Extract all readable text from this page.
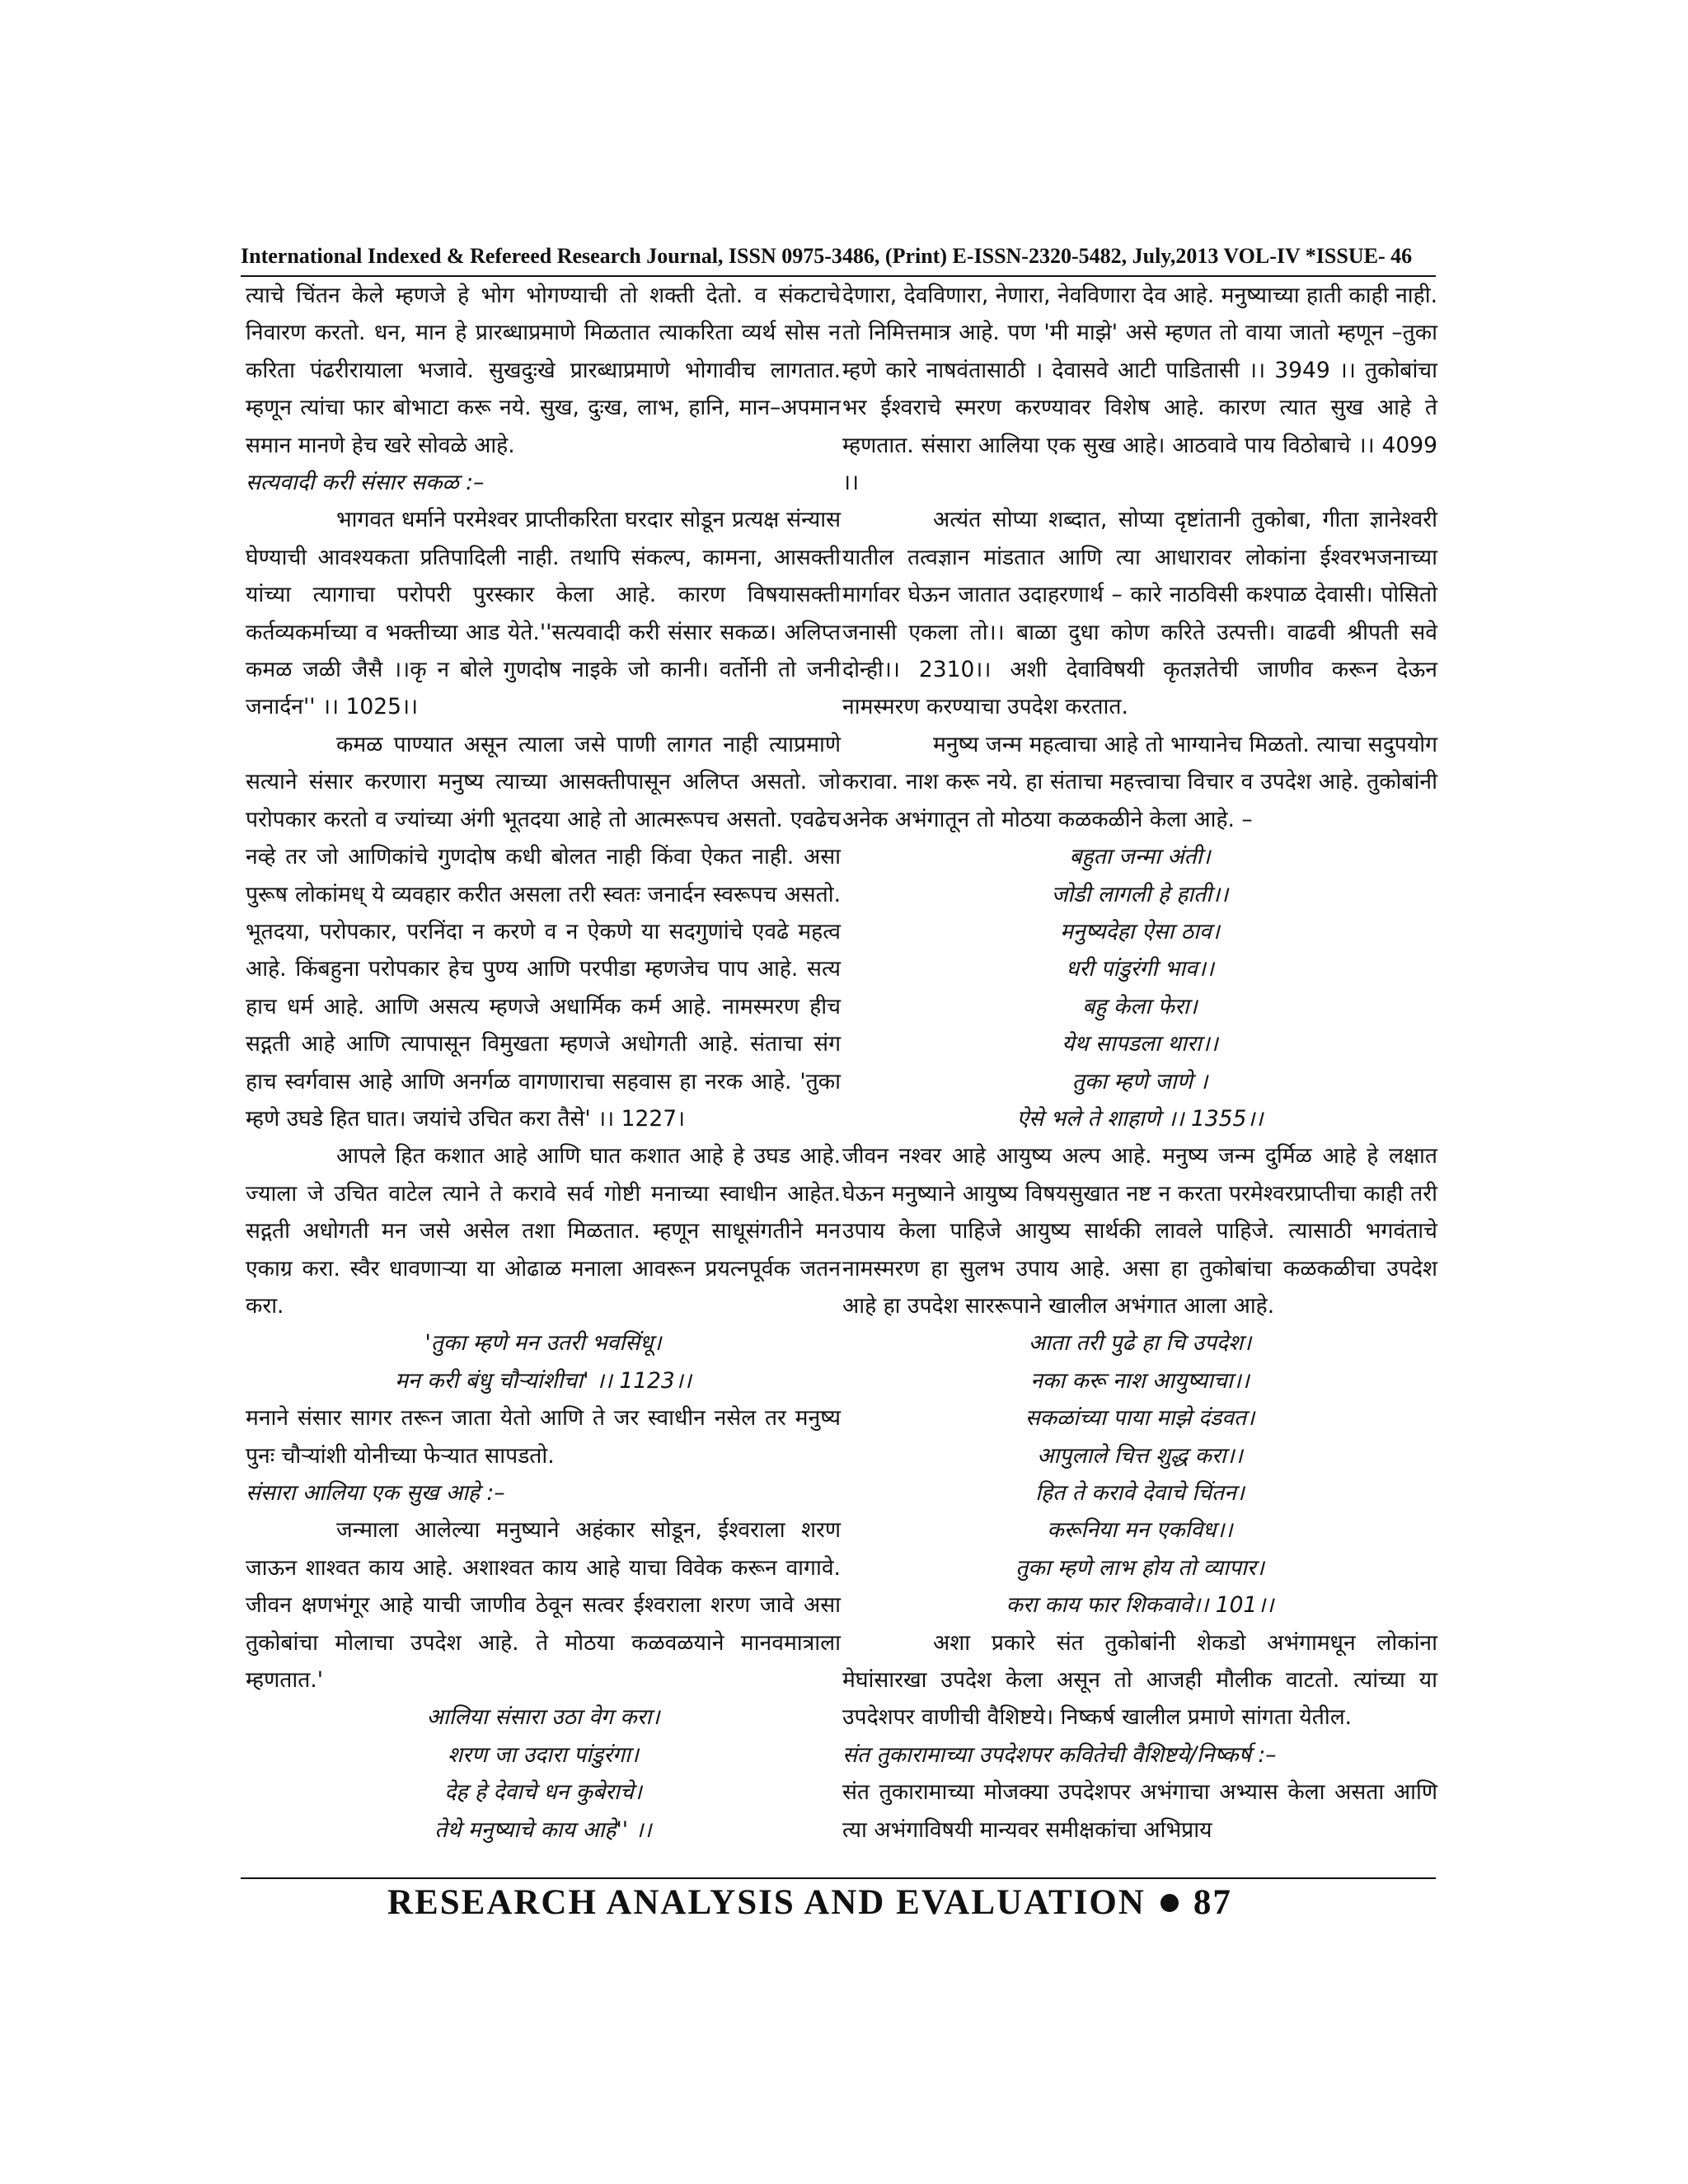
International Indexed & Refereed Research Journal, ISSN 0975-3486, (Print) E-ISSN-2320-5482, July,2013 VOL-IV *ISSUE- 46

त्याचे चिंतन केले म्हणजे हे भोग भोगण्याची तो शक्ती देतो. व संकटाचे निवारण करतो. धन, मान हे प्रारब्धाप्रमाणे मिळतात त्याकरिता व्यर्थ सोस न करिता पंढरीरायाला भजावे. सुखदुःखे प्रारब्धाप्रमाणे भोगावीच लागतात. म्हणून त्यांचा फार बोभाटा करू नये. सुख, दुःख, लाभ, हानि, मान–अपमान समान मानणे हेच खरे सोवळे आहे.

सत्यवादी करी संसार सकळ :–

भागवत धर्माने परमेश्वर प्राप्तीकरिता घरदार सोडून प्रत्यक्ष संन्यास घेण्याची आवश्यकता प्रतिपादिली नाही. तथापि संकल्प, कामना, आसक्ती यांच्या त्यागाचा परोपरी पुरस्कार केला आहे. कारण विषयासक्ती कर्तव्यकर्माच्या व भक्तीच्या आड येते.''सत्यवादी करी संसार सकळ। अलिप्त कमळ जळी जैसै ।।कृ न बोले गुणदोष नाइके जो कानी। वर्तोनी तो जनी जनार्दन'' ।। 1025।।

कमळ पाण्यात असून त्याला जसे पाणी लागत नाही त्याप्रमाणे सत्याने संसार करणारा मनुष्य त्याच्या आसक्तीपासून अलिप्त असतो. जो परोपकार करतो व ज्यांच्या अंगी भूतदया आहे तो आत्मरूपच असतो. एवढेच नव्हे तर जो आणिकांचे गुणदोष कधी बोलत नाही किंवा ऐकत नाही. असा पुरूष लोकांमध् ये व्यवहार करीत असला तरी स्वतः जनार्दन स्वरूपच असतो. भूतदया, परोपकार, परनिंदा न करणे व न ऐकणे या सदगुणांचे एवढे महत्व आहे. किंबहुना परोपकार हेच पुण्य आणि परपीडा म्हणजेच पाप आहे. सत्य हाच धर्म आहे. आणि असत्य म्हणजे अधार्मिक कर्म आहे. नामस्मरण हीच सद्गती आहे आणि त्यापासून विमुखता म्हणजे अधोगती आहे. संताचा संग हाच स्वर्गवास आहे आणि अनर्गळ वागणाराचा सहवास हा नरक आहे. 'तुका म्हणे उघडे हित घात। जयांचे उचित करा तैसे' ।। 1227।

आपले हित कशात आहे आणि घात कशात आहे हे उघड आहे. ज्याला जे उचित वाटेल त्याने ते करावे सर्व गोष्टी मनाच्या स्वाधीन आहेत. सद्गती अधोगती मन जसे असेल तशा मिळतात. म्हणून साधूसंगतीने मन एकाग्र करा. स्वैर धावणाऱ्या या ओढाळ मनाला आवरून प्रयत्नपूर्वक जतन करा.

'तुका म्हणे मन उतरी भवसिंधू।

मन करी बंधु चौऱ्यांशीचा' ।। 1123।।

मनाने संसार सागर तरून जाता येतो आणि ते जर स्वाधीन नसेल तर मनुष्य पुनः चौऱ्यांशी योनीच्या फेऱ्यात सापडतो.

संसारा आलिया एक सुख आहे :–

जन्माला आलेल्या मनुष्याने अहंकार सोडून, ईश्वराला शरण जाऊन शाश्वत काय आहे. अशाश्वत काय आहे याचा विवेक करून वागावे. जीवन क्षणभंगूर आहे याची जाणीव ठेवून सत्वर ईश्वराला शरण जावे असा तुकोबांचा मोलाचा उपदेश आहे. ते मोठया कळवळयाने मानवमात्राला म्हणतात.'

आलिया संसारा उठा वेग करा।

शरण जा उदारा पांडुरंगा।

देह हे देवाचे धन कुबेराचे।

तेथे मनुष्याचे काय आहे'' ।।

देणारा, देवविणारा, नेणारा, नेवविणारा देव आहे. मनुष्याच्या हाती काही नाही. तो निमित्तमात्र आहे. पण 'मी माझे' असे म्हणत तो वाया जातो म्हणून –तुका म्हणे कारे नाषवंतासाठी । देवासवे आटी पाडितासी ।। 3949 ।। तुकोबांचा भर ईश्वराचे स्मरण करण्यावर विशेष आहे. कारण त्यात सुख आहे ते म्हणतात. संसारा आलिया एक सुख आहे। आठवावे पाय विठोबाचे ।। 4099 ।।

अत्यंत सोप्या शब्दात, सोप्या दृष्टांतानी तुकोबा, गीता ज्ञानेश्वरी यातील तत्वज्ञान मांडतात आणि त्या आधारावर लोकांना ईश्वरभजनाच्या मार्गावर घेऊन जातात उदाहरणार्थ – कारे नाठविसी कश्पाळ देवासी। पोसितो जनासी एकला तो।। बाळा दुधा कोण करिते उत्पत्ती। वाढवी श्रीपती सवे दोन्ही।। 2310।। अशी देवाविषयी कृतज्ञतेची जाणीव करून देऊन नामस्मरण करण्याचा उपदेश करतात.

मनुष्य जन्म महत्वाचा आहे तो भाग्यानेच मिळतो. त्याचा सदुपयोग करावा. नाश करू नये. हा संताचा महत्त्वाचा विचार व उपदेश आहे. तुकोबांनी अनेक अभंगातून तो मोठया कळकळीने केला आहे. –

बहुता जन्मा अंती।

जोडी लागली हे हाती।।

मनुष्यदेहा ऐसा ठाव।

धरी पांडुरंगी भाव।।

बहु केला फेरा।

येथ सापडला थारा।।

तुका म्हणे जाणे ।

ऐसे भले ते शाहाणे ।। 1355।।

जीवन नश्वर आहे आयुष्य अल्प आहे. मनुष्य जन्म दुर्मिळ आहे हे लक्षात घेऊन मनुष्याने आयुष्य विषयसुखात नष्ट न करता परमेश्वरप्राप्तीचा काही तरी उपाय केला पाहिजे आयुष्य सार्थकी लावले पाहिजे. त्यासाठी भगवंताचे नामस्मरण हा सुलभ उपाय आहे. असा हा तुकोबांचा कळकळीचा उपदेश आहे हा उपदेश साररूपाने खालील अभंगात आला आहे.

आता तरी पुढे हा चि उपदेश।

नका करू नाश आयुष्याचा।।

सकळांच्या पाया माझे दंडवत।

आपुलाले चित्त शुद्ध करा।।

हित ते करावे देवाचे चिंतन।

करूनिया मन एकविध।।

तुका म्हणे लाभ होय तो व्यापार।

करा काय फार शिकवावे।। 101।।

अशा प्रकारे संत तुकोबांनी शेकडो अभंगामधून लोकांना मेघांसारखा उपदेश केला असून तो आजही मौलीक वाटतो. त्यांच्या या उपदेशपर वाणीची वैशिष्टये। निष्कर्ष खालील प्रमाणे सांगता येतील.

संत तुकारामाच्या उपदेशपर कवितेची वैशिष्टये/निष्कर्ष :–

संत तुकारामाच्या मोजक्या उपदेशपर अभंगाचा अभ्यास केला असता आणि त्या अभंगाविषयी मान्यवर समीक्षकांचा अभिप्राय

RESEARCH ANALYSIS AND EVALUATION 87
